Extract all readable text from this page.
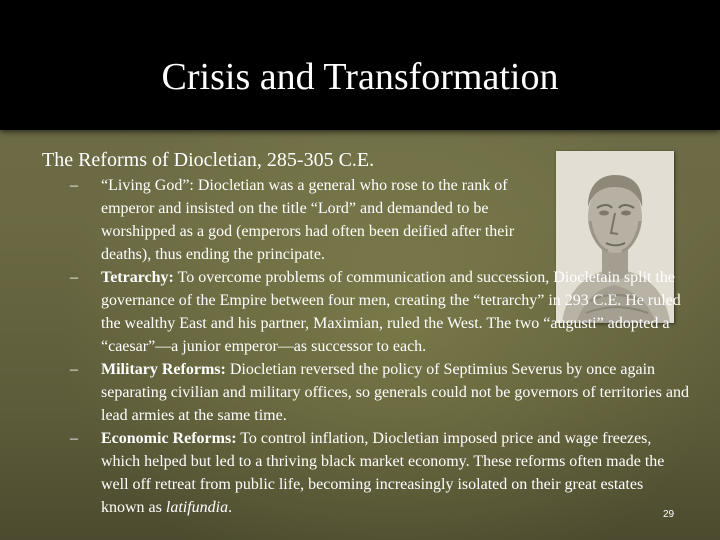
Crisis and Transformation
The Reforms of Diocletian, 285-305 C.E.

– “Living God”: Diocletian was a general who rose to the rank of emperor and insisted on the title “Lord” and demanded to be worshipped as a god (emperors had often been deified after their deaths), thus ending the principate.

– Tetrarchy: To overcome problems of communication and succession, Diocletain split the governance of the Empire between four men, creating the “tetrarchy” in 293 C.E. He ruled the wealthy East and his partner, Maximian, ruled the West. The two “augusti” adopted a “caesar”—a junior emperor—as successor to each.

– Military Reforms: Diocletian reversed the policy of Septimius Severus by once again separating civilian and military offices, so generals could not be governors of territories and lead armies at the same time.

– Economic Reforms: To control inflation, Diocletian imposed price and wage freezes, which helped but led to a thriving black market economy. These reforms often made the well off retreat from public life, becoming increasingly isolated on their great estates known as latifundia.	29
